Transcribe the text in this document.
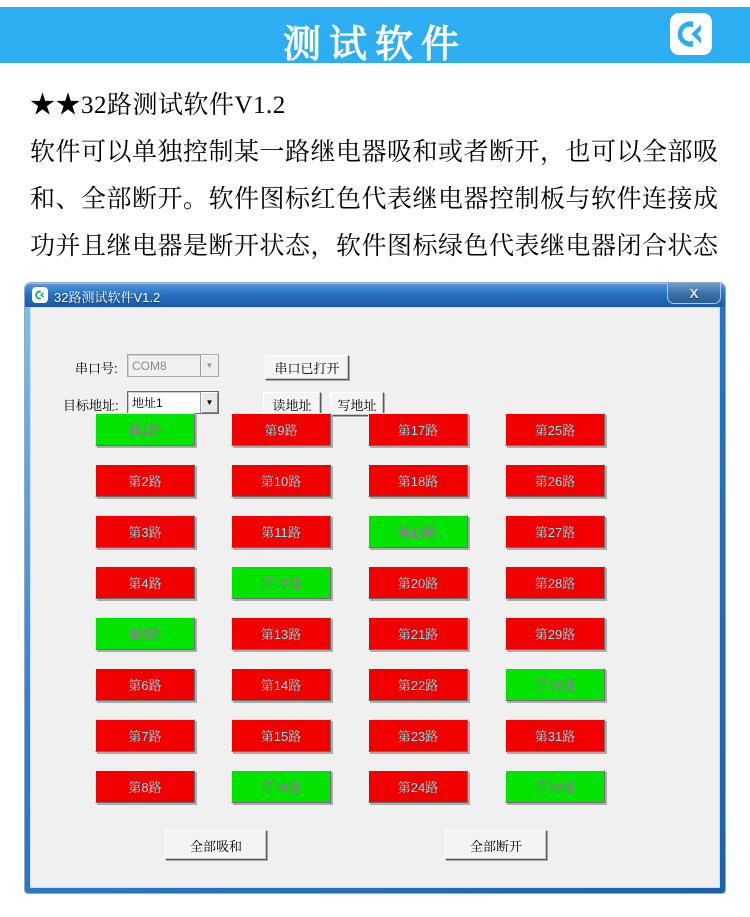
测试软件
★★32路测试软件V1.2
软件可以单独控制某一路继电器吸和或者断开，也可以全部吸
和、全部断开。软件图标红色代表继电器控制板与软件连接成
功并且继电器是断开状态，软件图标绿色代表继电器闭合状态
32路测试软件V1.2	X
串口号:	COM8	▼	串口已打开
目标地址:	地址1	▼	读地址	写地址
第1路
第2路
第3路
第4路
第5路
第6路
第7路
第8路
第9路
第10路
第11路
第12路
第13路
第14路
第15路
第16路
第17路
第18路
第19路
第20路
第21路
第22路
第23路
第24路
第25路
第26路
第27路
第28路
第29路
第30路
第31路
第32路
全部吸和	全部断开
